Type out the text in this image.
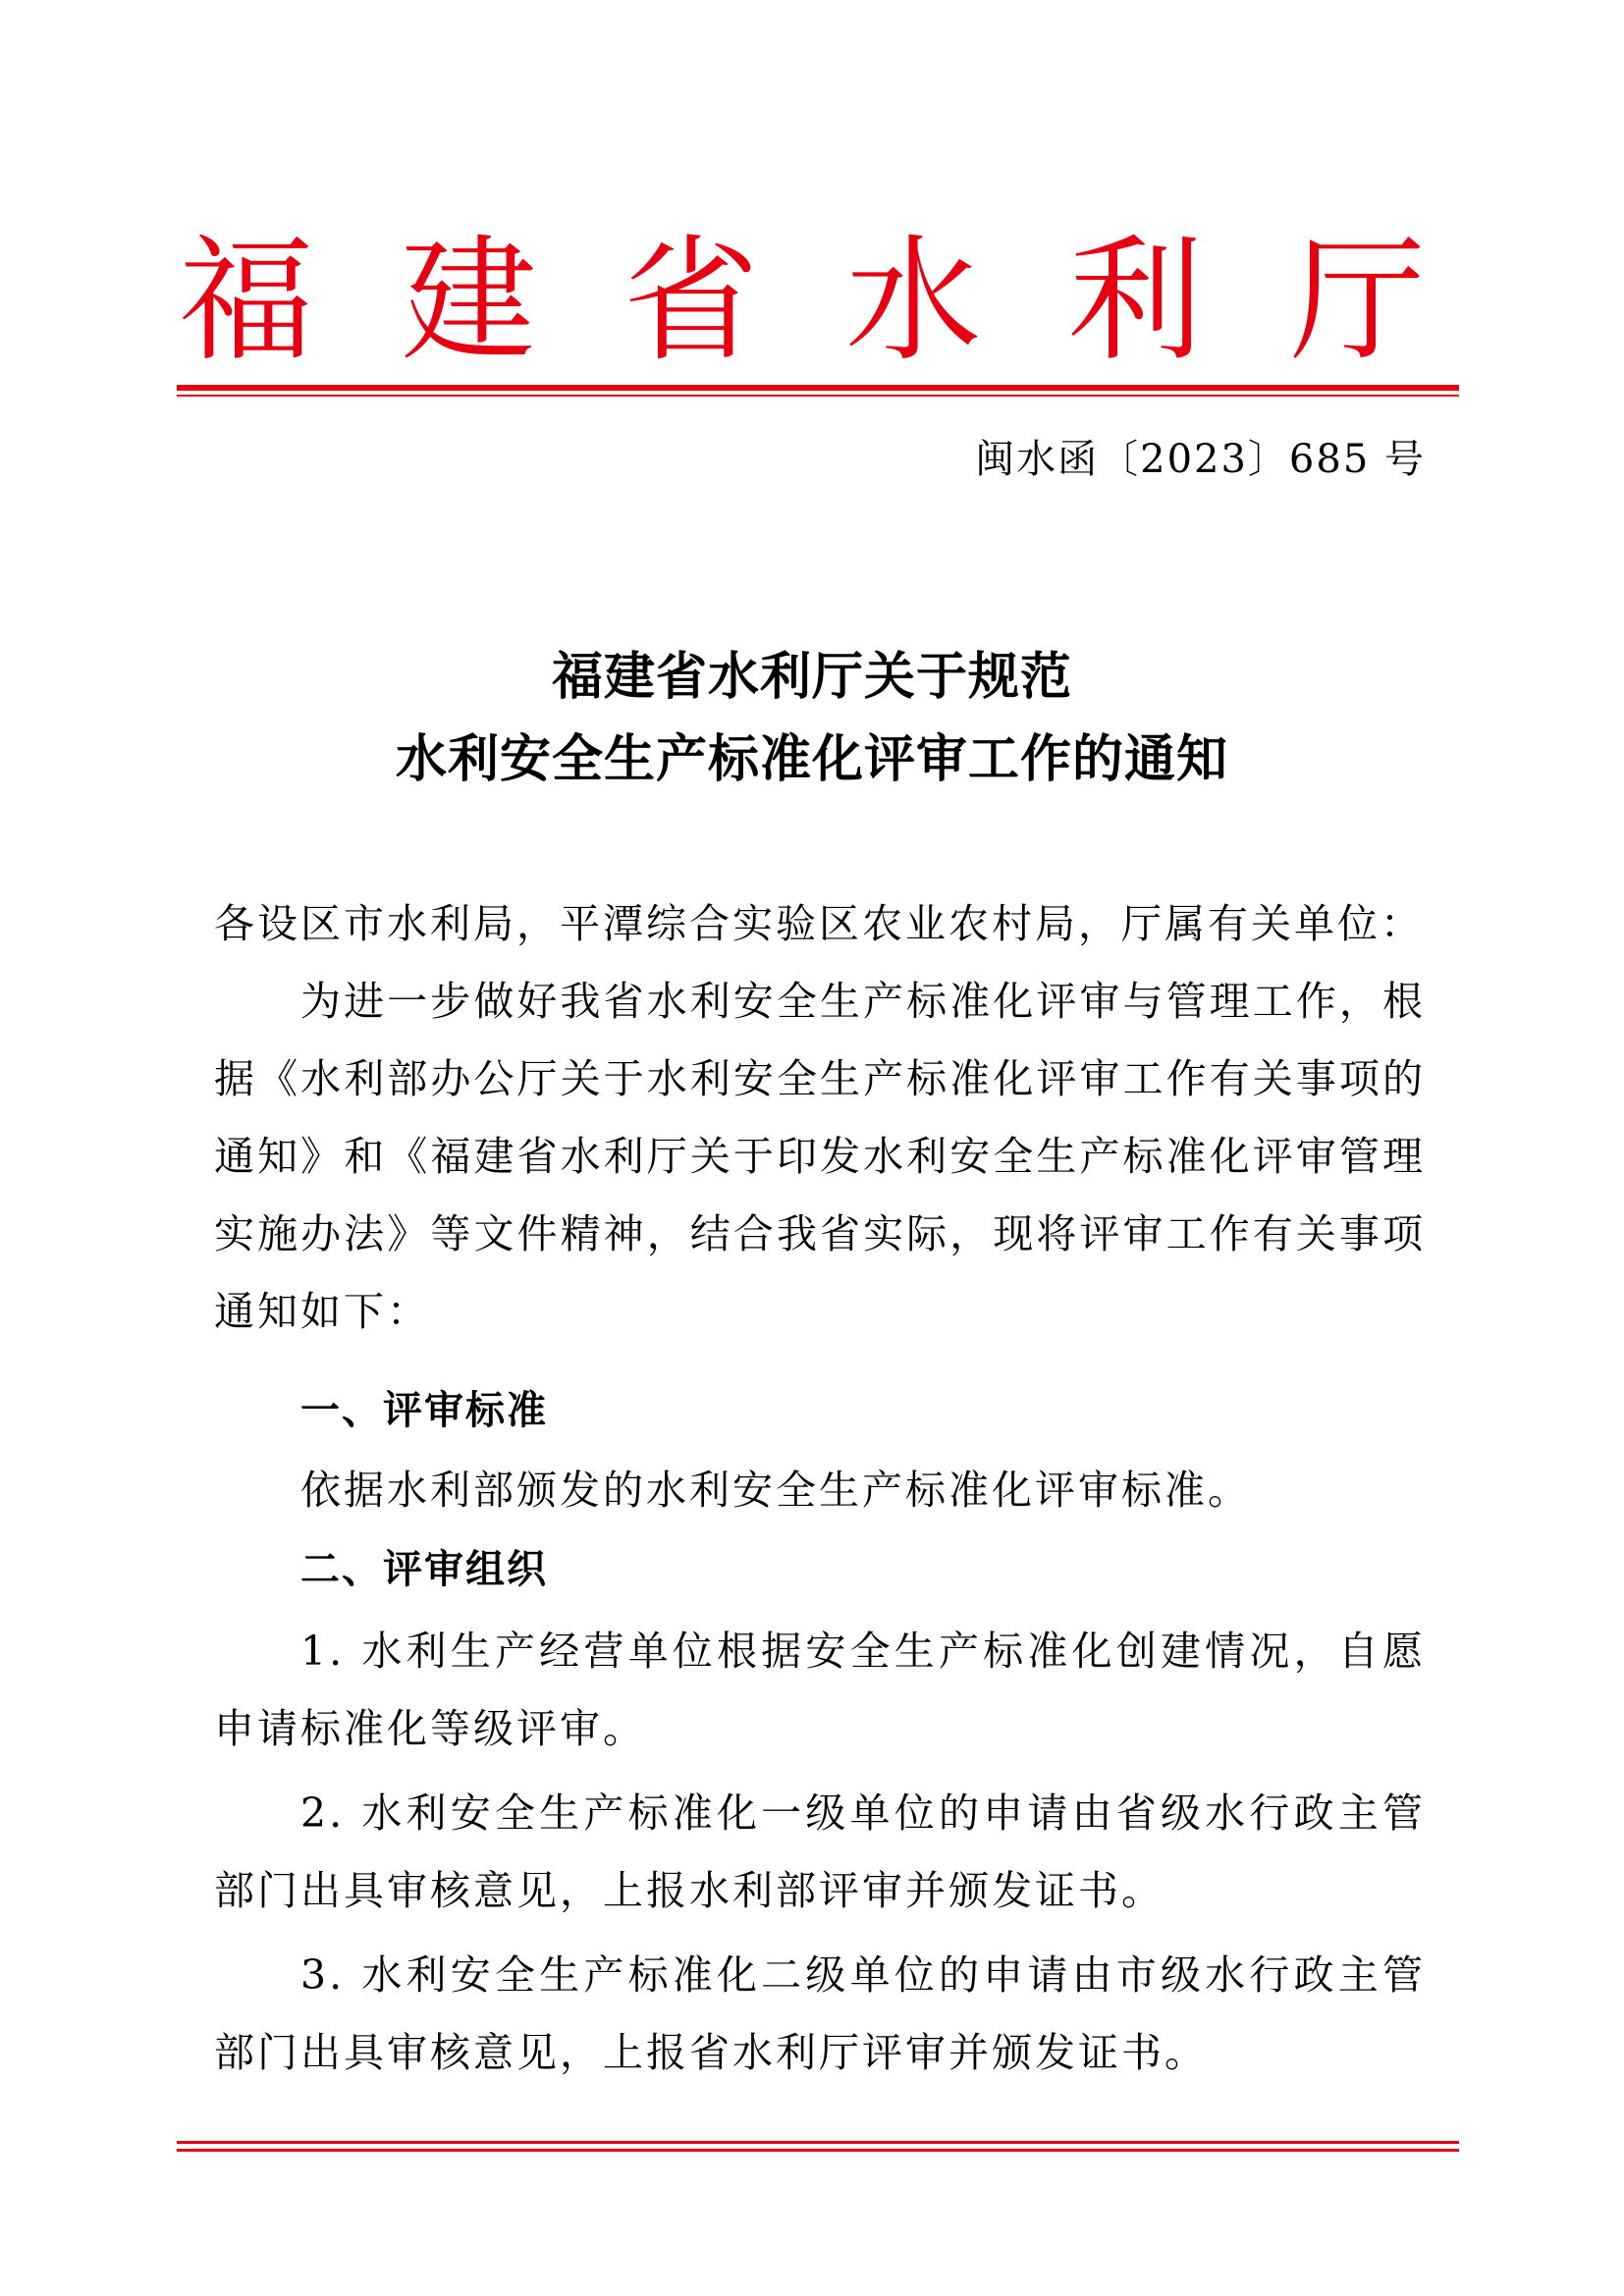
福 建 省 水 利 厅
闽水函〔2023〕685 号
福建省水利厅关于规范
水利安全生产标准化评审工作的通知
各设区市水利局，平潭综合实验区农业农村局，厅属有关单位：
为进一步做好我省水利安全生产标准化评审与管理工作，根据《水利部办公厅关于水利安全生产标准化评审工作有关事项的通知》和《福建省水利厅关于印发水利安全生产标准化评审管理实施办法》等文件精神，结合我省实际，现将评审工作有关事项通知如下：
一、评审标准
依据水利部颁发的水利安全生产标准化评审标准。
二、评审组织
1. 水利生产经营单位根据安全生产标准化创建情况，自愿申请标准化等级评审。
2. 水利安全生产标准化一级单位的申请由省级水行政主管部门出具审核意见，上报水利部评审并颁发证书。
3. 水利安全生产标准化二级单位的申请由市级水行政主管部门出具审核意见，上报省水利厅评审并颁发证书。
